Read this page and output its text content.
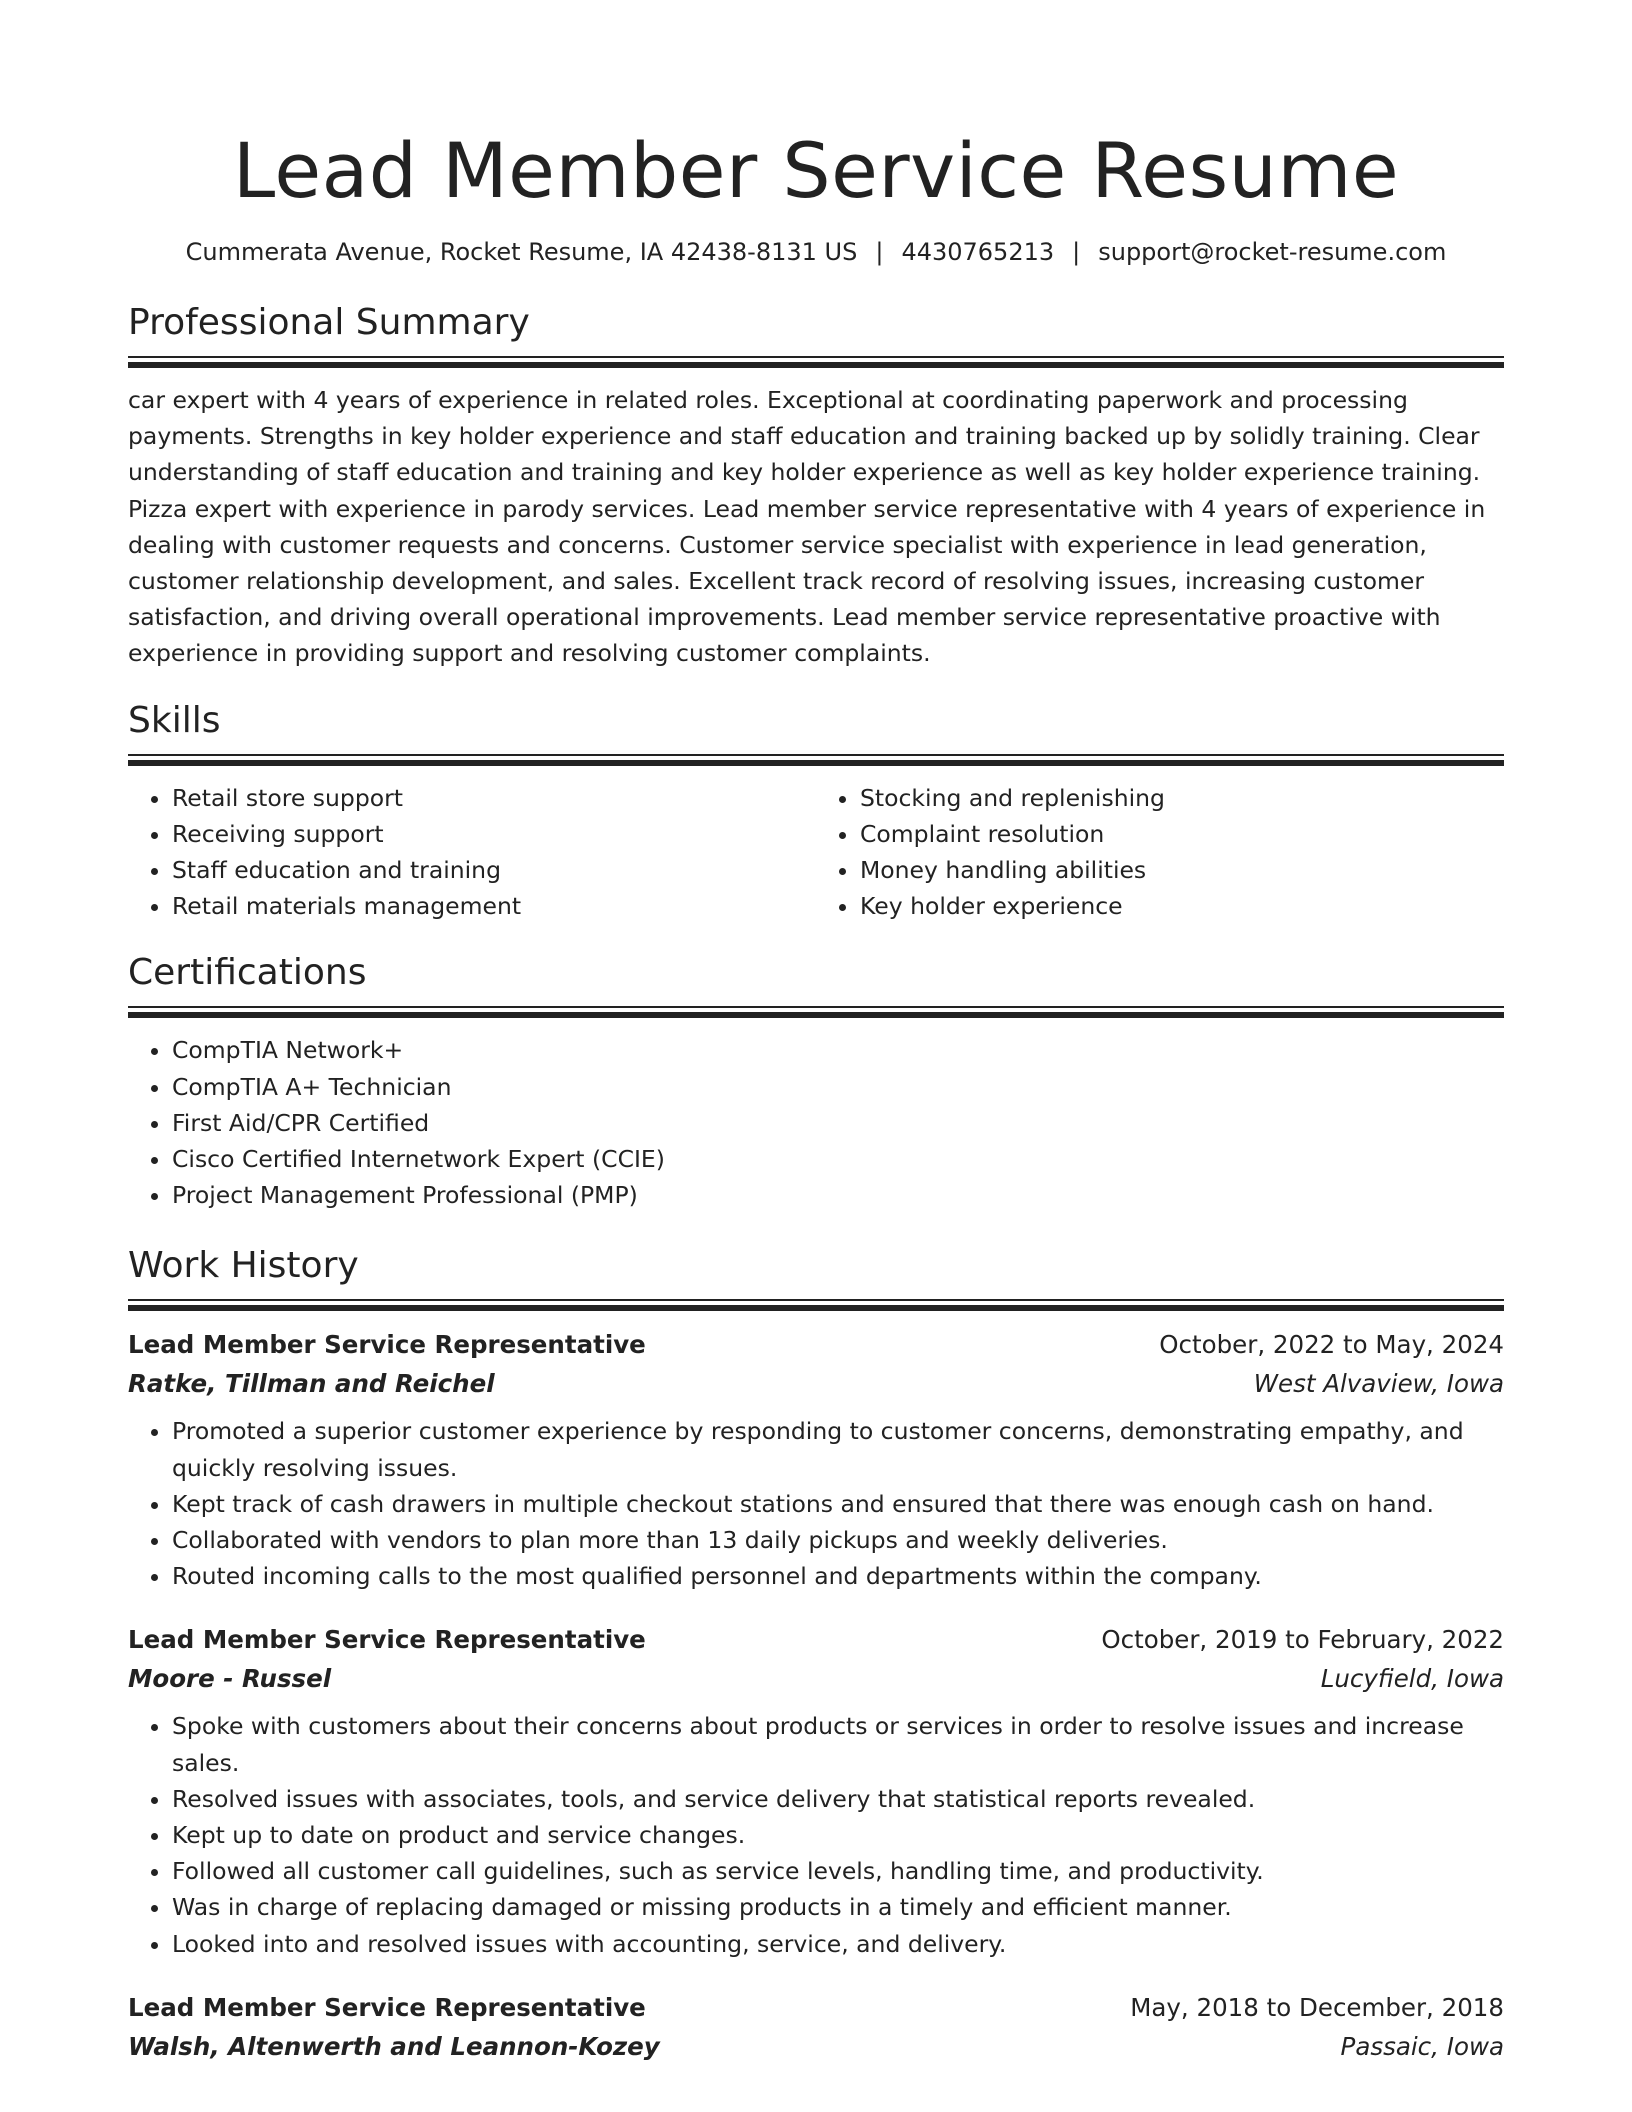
Lead Member Service Resume
Cummerata Avenue, Rocket Resume, IA 42438-8131 US | 4430765213 | support@rocket-resume.com
Professional Summary

car expert with 4 years of experience in related roles. Exceptional at coordinating paperwork and processing payments. Strengths in key holder experience and staff education and training backed up by solidly training. Clear understanding of staff education and training and key holder experience as well as key holder experience training. Pizza expert with experience in parody services. Lead member service representative with 4 years of experience in dealing with customer requests and concerns. Customer service specialist with experience in lead generation, customer relationship development, and sales. Excellent track record of resolving issues, increasing customer satisfaction, and driving overall operational improvements. Lead member service representative proactive with experience in providing support and resolving customer complaints.

Skills
• Retail store support
• Receiving support
• Staff education and training
• Retail materials management
• Stocking and replenishing
• Complaint resolution
• Money handling abilities
• Key holder experience
Certifications
• CompTIA Network+
• CompTIA A+ Technician
• First Aid/CPR Certified
• Cisco Certified Internetwork Expert (CCIE)
• Project Management Professional (PMP)
Work History
Lead Member Service Representative	October, 2022 to May, 2024
Ratke, Tillman and Reichel	West Alvaview, Iowa
• Promoted a superior customer experience by responding to customer concerns, demonstrating empathy, and quickly resolving issues.
• Kept track of cash drawers in multiple checkout stations and ensured that there was enough cash on hand.
• Collaborated with vendors to plan more than 13 daily pickups and weekly deliveries.
• Routed incoming calls to the most qualified personnel and departments within the company.
Lead Member Service Representative	October, 2019 to February, 2022
Moore - Russel	Lucyfield, Iowa
• Spoke with customers about their concerns about products or services in order to resolve issues and increase sales.
• Resolved issues with associates, tools, and service delivery that statistical reports revealed.
• Kept up to date on product and service changes.
• Followed all customer call guidelines, such as service levels, handling time, and productivity.
• Was in charge of replacing damaged or missing products in a timely and efficient manner.
• Looked into and resolved issues with accounting, service, and delivery.
Lead Member Service Representative	May, 2018 to December, 2018
Walsh, Altenwerth and Leannon-Kozey	Passaic, Iowa
